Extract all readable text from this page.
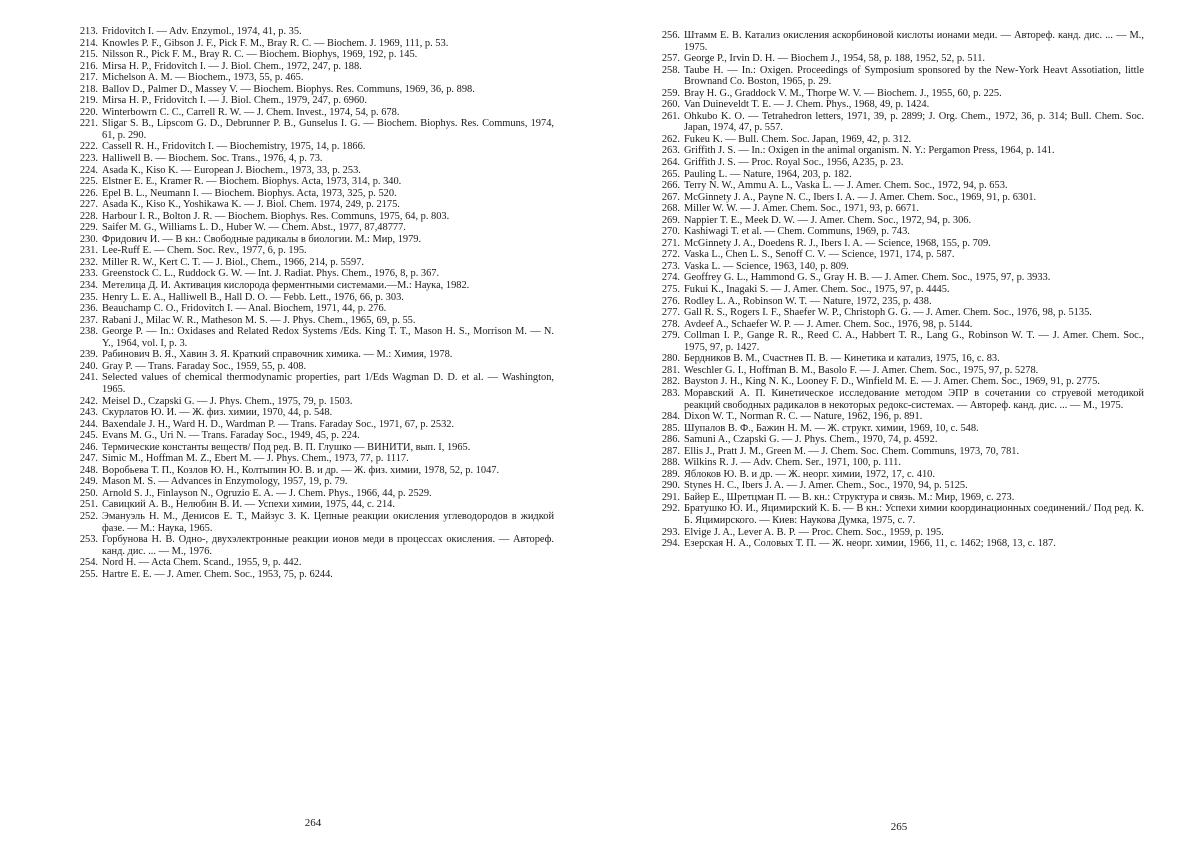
213. Fridovitch I. — Adv. Enzymol., 1974, 41, p. 35.
214. Knowles P. F., Gibson J. F., Pick F. M., Bray R. C. — Biochem. J. 1969, 111, p. 53.
215. Nilsson R., Pick F. M., Bray R. C. — Biochem. Biophys, 1969, 192, p. 145.
216. Mirsa H. P., Fridovitch I. — J. Biol. Chem., 1972, 247, p. 188.
217. Michelson A. M. — Biochem., 1973, 55, p. 465.
218. Ballov D., Palmer D., Massey V. — Biochem. Biophys. Res. Communs, 1969, 36, p. 898.
219. Mirsa H. P., Fridovitch I. — J. Biol. Chem., 1979, 247, p. 6960.
220. Winterbowrn C. C., Carrell R. W. — J. Chem. Invest., 1974, 54, p. 678.
221. Sligar S. B., Lipscom G. D., Debrunner P. B., Gunselus I. G. — Biochem. Biophys. Res. Communs, 1974, 61, p. 290.
222. Cassell R. H., Fridovitch I. — Biochemistry, 1975, 14, p. 1866.
223. Halliwell B. — Biochem. Soc. Trans., 1976, 4, p. 73.
224. Asada K., Kiso K. — European J. Biochem., 1973, 33, p. 253.
225. Elstner E. E., Kramer R. — Biochem. Biophys. Acta, 1973, 314, p. 340.
226. Epel B. L., Neumann I. — Biochem. Biophys. Acta, 1973, 325, p. 520.
227. Asada K., Kiso K., Yoshikawa K. — J. Biol. Chem. 1974, 249, p. 2175.
228. Harbour I. R., Bolton J. R. — Biochem. Biophys. Res. Communs, 1975, 64, p. 803.
229. Saifer M. G., Williams L. D., Huber W. — Chem. Abst., 1977, 87,48777.
230. Фридович И. — В кн.: Свободные радикалы в биологии. М.: Мир, 1979.
231. Lee-Ruff E. — Chem. Soc. Rev., 1977, 6, p. 195.
232. Miller R. W., Kert C. T. — J. Biol., Chem., 1966, 214, p. 5597.
233. Greenstock C. L., Ruddock G. W. — Int. J. Radiat. Phys. Chem., 1976, 8, p. 367.
234. Метелица Д. И. Активация кислорода ферментными системами.—М.: Наука, 1982.
235. Henry L. E. A., Halliwell B., Hall D. O. — Febb. Lett., 1976, 66, p. 303.
236. Beauchamp C. O., Fridovitch I. — Anal. Biochem, 1971, 44, p. 276.
237. Rabani J., Milac W. R., Matheson M. S. — J. Phys. Chem., 1965, 69, p. 55.
238. George P. — In.: Oxidases and Related Redox Systems /Eds. King T. T., Mason H. S., Morrison M. — N. Y., 1964, vol. I, p. 3.
239. Рабинович В. Я., Хавин З. Я. Краткий справочник химика. — М.: Химия, 1978.
240. Gray P. — Trans. Faraday Soc., 1959, 55, p. 408.
241. Selected values of chemical thermodynamic properties, part 1/Eds Wagman D. D. et al. — Washington, 1965.
242. Meisel D., Czapski G. — J. Phys. Chem., 1975, 79, p. 1503.
243. Скурлатов Ю. И. — Ж. физ. химии, 1970, 44, p. 548.
244. Baxendale J. H., Ward H. D., Wardman P. — Trans. Faraday Soc., 1971, 67, p. 2532.
245. Evans M. G., Uri N. — Trans. Faraday Soc., 1949, 45, p. 224.
246. Термические константы веществ/ Под ред. В. П. Глушко — ВИНИТИ, вып. I, 1965.
247. Simic M., Hoffman M. Z., Ebert M. — J. Phys. Chem., 1973, 77, p. 1117.
248. Воробьева Т. П., Козлов Ю. Н., Колтыпин Ю. В. и др. — Ж. физ. химии, 1978, 52, p. 1047.
249. Mason M. S. — Advances in Enzymology, 1957, 19, p. 79.
250. Arnold S. J., Finlayson N., Ogruzio E. A. — J. Chem. Phys., 1966, 44, p. 2529.
251. Савицкий А. В., Нелюбин В. И. — Успехи химии, 1975, 44, с. 214.
252. Эмануэль Н. М., Денисов Е. Т., Майзус З. К. Цепные реакции окисления углеводородов в жидкой фазе. — М.: Наука, 1965.
253. Горбунова Н. В. Одно-, двухэлектронные реакции ионов меди в процессах окисления. — Автореф. канд. дис. ... — М., 1976.
254. Nord H. — Acta Chem. Scand., 1955, 9, p. 442.
255. Hartre E. E. — J. Amer. Chem. Soc., 1953, 75, p. 6244.
264
256. Штамм Е. В. Катализ окисления аскорбиновой кислоты ионами меди. — Автореф. канд. дис. ... — М., 1975.
257. George P., Irvin D. H. — Biochem J., 1954, 58, p. 188, 1952, 52, p. 511.
258. Taube H. — In.: Oxigen. Proceedings of Symposium sponsored by the New-York Heavt Assotiation, little Brownand Co. Boston, 1965, p. 29.
259. Bray H. G., Graddock V. M., Thorpe W. V. — Biochem. J., 1955, 60, p. 225.
260. Van Duineveldt T. E. — J. Chem. Phys., 1968, 49, p. 1424.
261. Ohkubo K. O. — Tetrahedron letters, 1971, 39, p. 2899; J. Org. Chem., 1972, 36, p. 314; Bull. Chem. Soc. Japan, 1974, 47, p. 557.
262. Fukeu K. — Bull. Chem. Soc. Japan, 1969, 42, p. 312.
263. Griffith J. S. — In.: Oxigen in the animal organism. N. Y.: Pergamon Press, 1964, p. 141.
264. Griffith J. S. — Proc. Royal Soc., 1956, A235, p. 23.
265. Pauling L. — Nature, 1964, 203, p. 182.
266. Terry N. W., Ammu A. L., Vaska L. — J. Amer. Chem. Soc., 1972, 94, p. 653.
267. McGinnety J. A., Payne N. C., Ibers I. A. — J. Amer. Chem. Soc., 1969, 91, p. 6301.
268. Miller W. W. — J. Amer. Chem. Soc., 1971, 93, p. 6671.
269. Nappier T. E., Meek D. W. — J. Amer. Chem. Soc., 1972, 94, p. 306.
270. Kashiwagi T. et al. — Chem. Communs, 1969, p. 743.
271. McGinnety J. A., Doedens R. J., Ibers I. A. — Science, 1968, 155, p. 709.
272. Vaska L., Chen L. S., Senoff C. V. — Science, 1971, 174, p. 587.
273. Vaska L. — Science, 1963, 140, p. 809.
274. Geoffrey G. L., Hammond G. S., Gray H. B. — J. Amer. Chem. Soc., 1975, 97, p. 3933.
275. Fukui K., Inagaki S. — J. Amer. Chem. Soc., 1975, 97, p. 4445.
276. Rodley L. A., Robinson W. T. — Nature, 1972, 235, p. 438.
277. Gall R. S., Rogers I. F., Shaefer W. P., Christoph G. G. — J. Amer. Chem. Soc., 1976, 98, p. 5135.
278. Avdeef A., Schaefer W. P. — J. Amer. Chem. Soc., 1976, 98, p. 5144.
279. Collman I. P., Gange R. R., Reed C. A., Habbert T. R., Lang G., Robinson W. T. — J. Amer. Chem. Soc., 1975, 97, p. 1427.
280. Бердников В. М., Счастнев П. В. — Кинетика и катализ, 1975, 16, с. 83.
281. Weschler G. I., Hoffman B. M., Basolo F. — J. Amer. Chem. Soc., 1975, 97, p. 5278.
282. Bayston J. H., King N. K., Looney F. D., Winfield M. E. — J. Amer. Chem. Soc., 1969, 91, p. 2775.
283. Моравский А. П. Кинетическое исследование методом ЭПР в сочетании со струевой методикой реакций свободных радикалов в некоторых редокс-системах. — Автореф. канд. дис. ... — М., 1975.
284. Dixon W. T., Norman R. C. — Nature, 1962, 196, p. 891.
285. Шупалов В. Ф., Бажин Н. М. — Ж. структ. химии, 1969, 10, с. 548.
286. Samuni A., Czapski G. — J. Phys. Chem., 1970, 74, p. 4592.
287. Ellis J., Pratt J. M., Green M. — J. Chem. Soc. Chem. Communs, 1973, 70, 781.
288. Wilkins R. J. — Adv. Chem. Ser., 1971, 100, p. 111.
289. Яблоков Ю. В. и др. — Ж. неорг. химии, 1972, 17, с. 410.
290. Stynes H. C., Ibers J. A. — J. Amer. Chem., Soc., 1970, 94, p. 5125.
291. Байер Е., Шретцман П. — В. кн.: Структура и связь. М.: Мир, 1969, с. 273.
292. Братушко Ю. И., Яцимирский К. Б. — В кн.: Успехи химии координационных соединений./ Под ред. К. Б. Яцимирского. — Киев: Наукова Думка, 1975, с. 7.
293. Elvige J. A., Lever A. B. P. — Proc. Chem. Soc., 1959, p. 195.
294. Езерская Н. А., Соловых Т. П. — Ж. неорг. химии, 1966, 11, с. 1462; 1968, 13, с. 187.
265
